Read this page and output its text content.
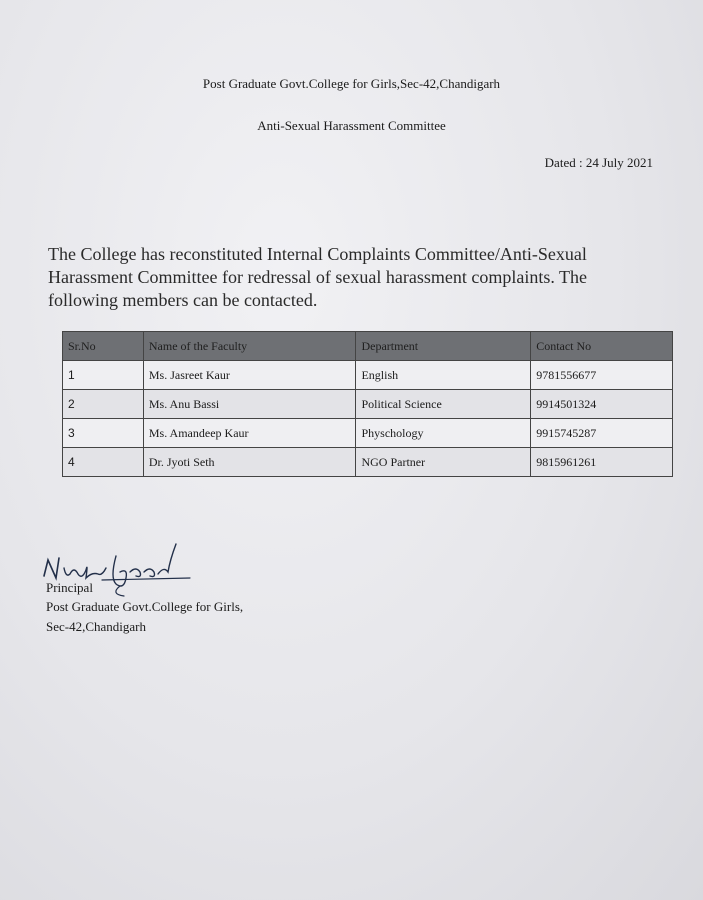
Post Graduate Govt.College for Girls,Sec-42,Chandigarh
Anti-Sexual Harassment Committee
Dated : 24 July 2021
The College has reconstituted Internal Complaints Committee/Anti-Sexual Harassment Committee for redressal of sexual harassment complaints. The following members can be contacted.
Sr.No	Name of the Faculty	Department	Contact No
1	Ms. Jasreet Kaur	English	9781556677
2	Ms. Anu Bassi	Political Science	9914501324
3	Ms. Amandeep Kaur	Physchology	9915745287
4	Dr. Jyoti Seth	NGO Partner	9815961261
Principal
Post Graduate Govt.College for Girls,
Sec-42,Chandigarh
